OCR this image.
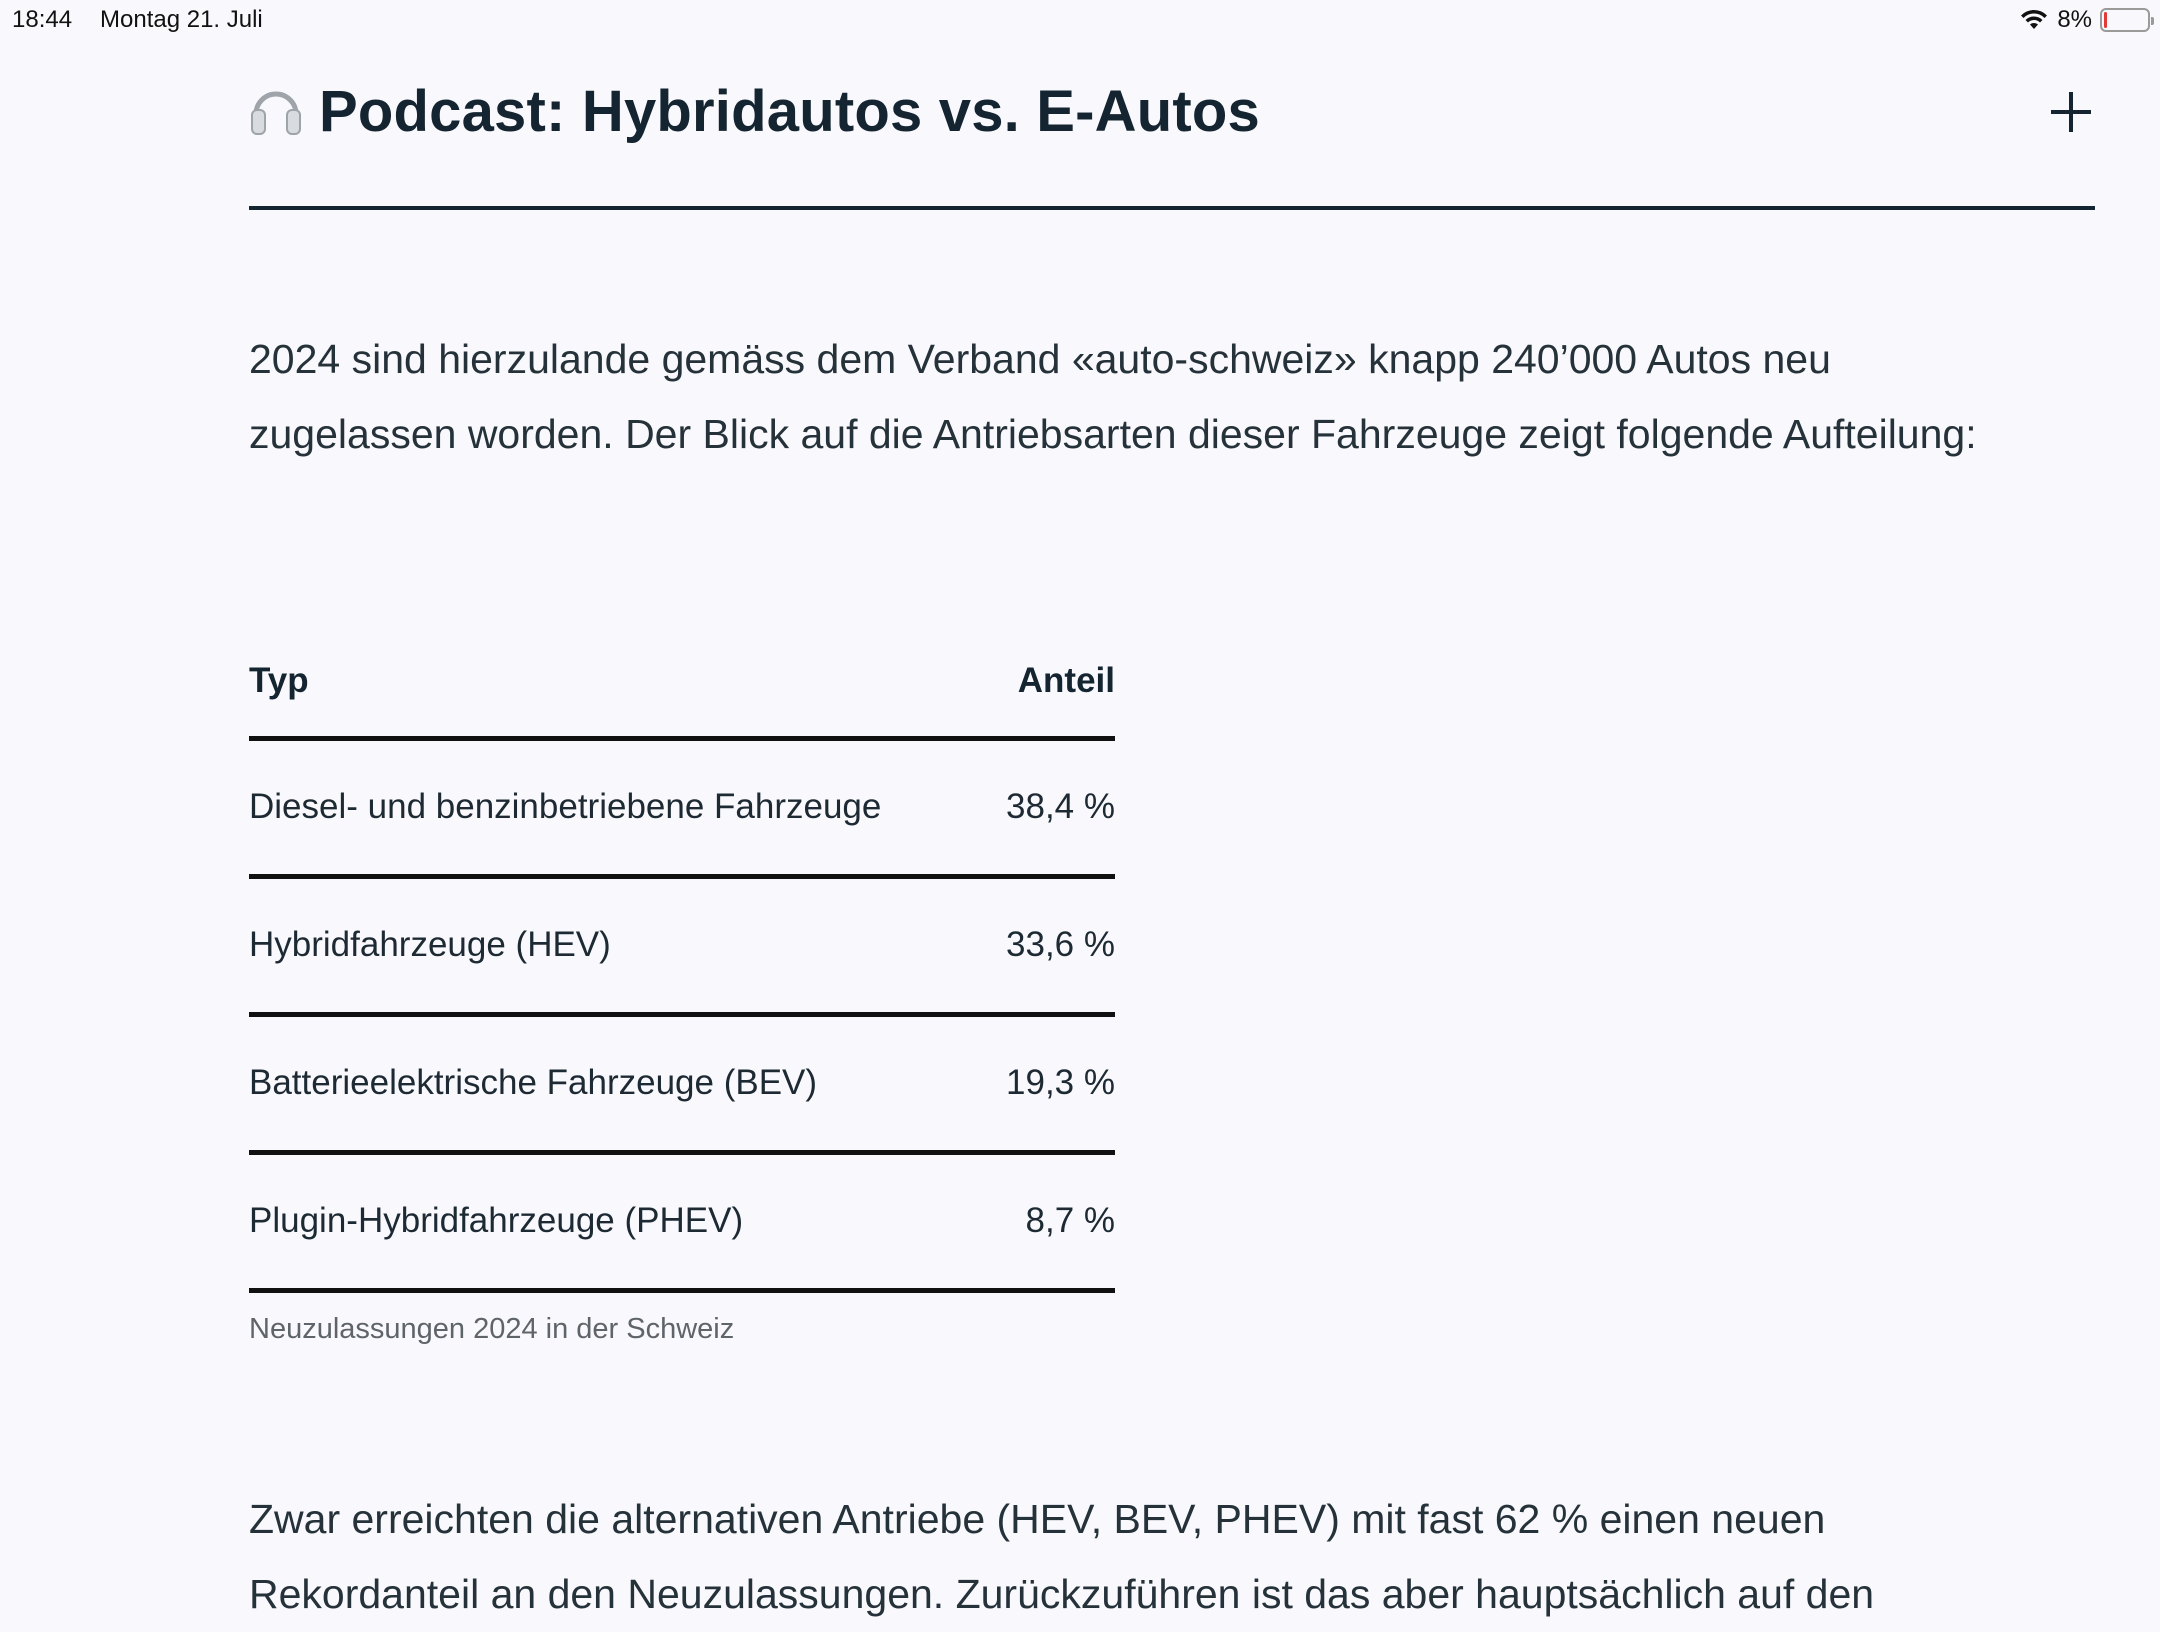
18:44 Montag 21. Juli	8%
Podcast: Hybridautos vs. E-Autos

2024 sind hierzulande gemäss dem Verband «auto-schweiz» knapp 240’000 Autos neu zugelassen worden. Der Blick auf die Antriebsarten dieser Fahrzeuge zeigt folgende Aufteilung:

Typ	Anteil
Diesel- und benzinbetriebene Fahrzeuge	38,4 %
Hybridfahrzeuge (HEV)	33,6 %
Batterieelektrische Fahrzeuge (BEV)	19,3 %
Plugin-Hybridfahrzeuge (PHEV)	8,7 %
Neuzulassungen 2024 in der Schweiz

Zwar erreichten die alternativen Antriebe (HEV, BEV, PHEV) mit fast 62 % einen neuen Rekordanteil an den Neuzulassungen. Zurückzuführen ist das aber hauptsächlich auf den
